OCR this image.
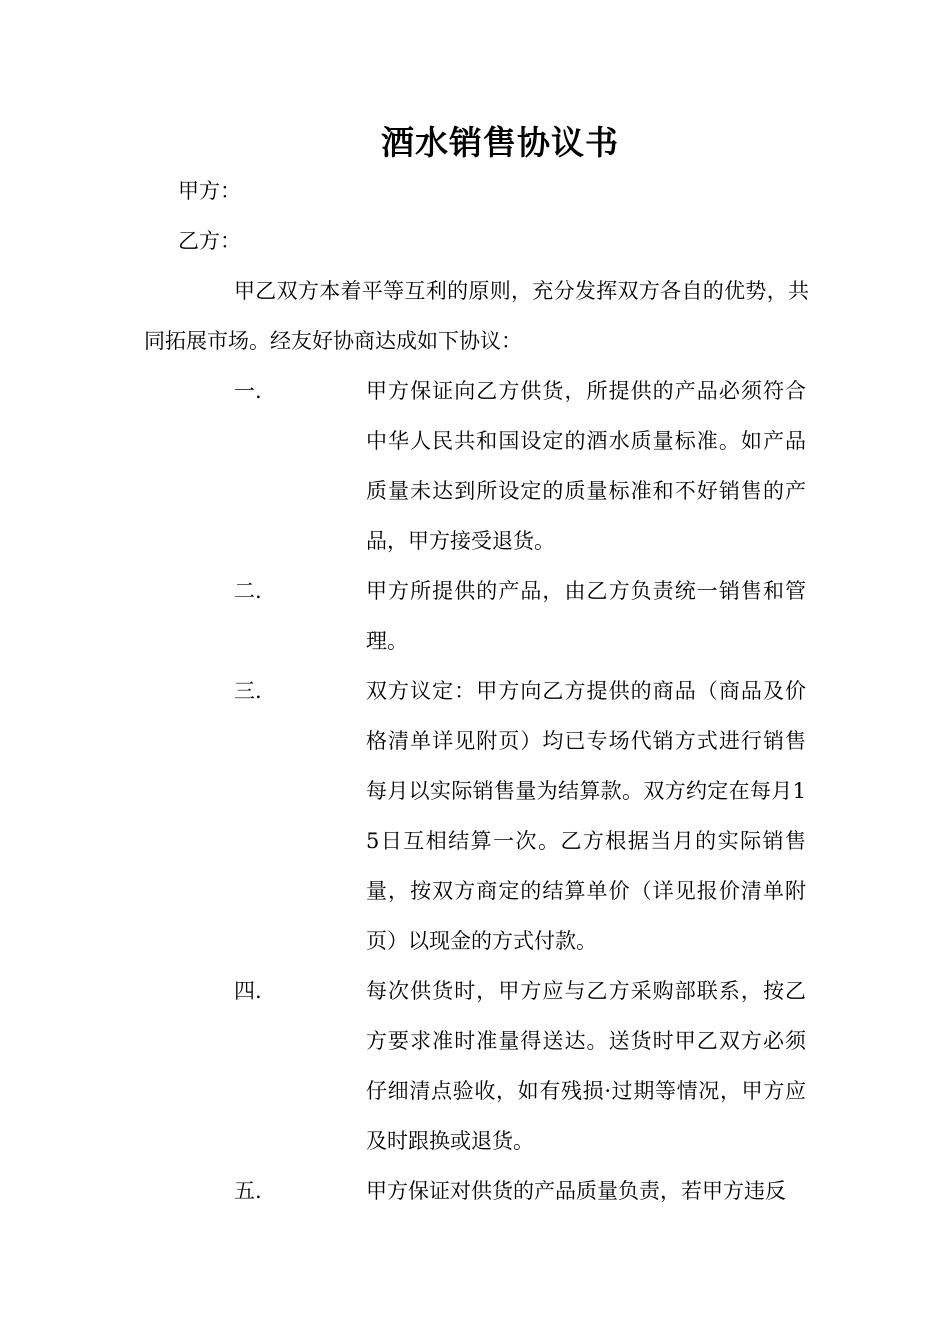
酒水销售协议书
甲方：
乙方：
甲乙双方本着平等互利的原则，充分发挥双方各自的优势，共同拓展市场。经友好协商达成如下协议：
一.	甲方保证向乙方供货，所提供的产品必须符合中华人民共和国设定的酒水质量标准。如产品质量未达到所设定的质量标准和不好销售的产品，甲方接受退货。
二.	甲方所提供的产品，由乙方负责统一销售和管理。
三.	双方议定：甲方向乙方提供的商品（商品及价格清单详见附页）均已专场代销方式进行销售每月以实际销售量为结算款。双方约定在每月15日互相结算一次。乙方根据当月的实际销售量，按双方商定的结算单价（详见报价清单附页）以现金的方式付款。
四.	每次供货时，甲方应与乙方采购部联系，按乙方要求准时准量得送达。送货时甲乙双方必须仔细清点验收，如有残损·过期等情况，甲方应及时跟换或退货。
五.	甲方保证对供货的产品质量负责，若甲方违反
